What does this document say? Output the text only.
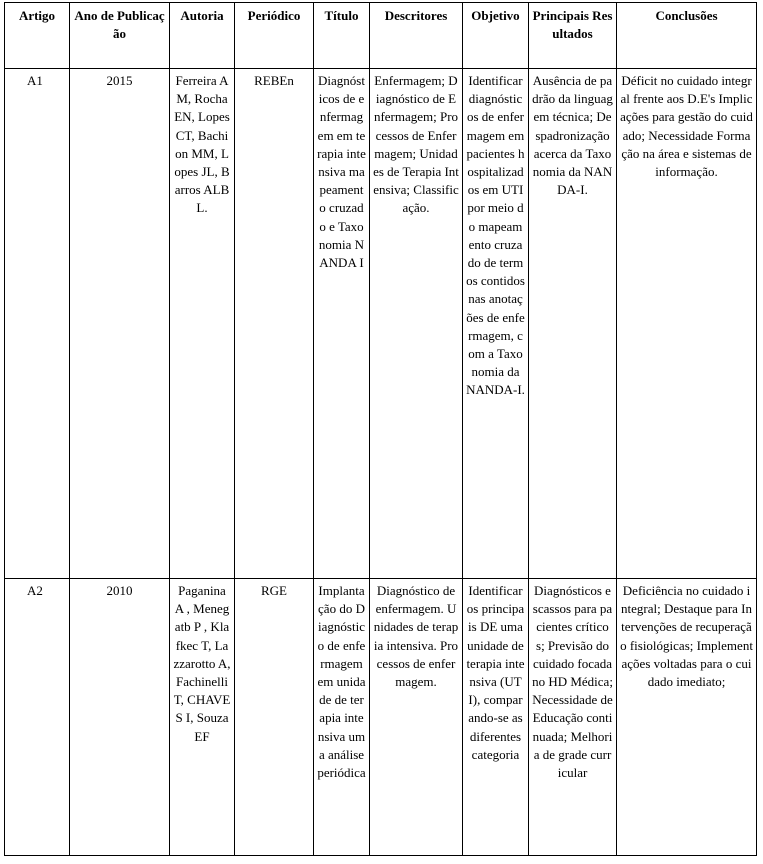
Artigo	Ano de Publicação	Autoria	Periódico	Título	Descritores	Objetivo	Principais Resultados	Conclusões
A1	2015	Ferreira AM, Rocha EN, Lopes CT, Bachion MM, Lopes JL, Barros ALBL.	REBEn	Diagnósticos de enfermagem em terapia intensiva mapeamento cruzado e Taxonomia NANDA I	Enfermagem; Diagnóstico de Enfermagem; Processos de Enfermagem; Unidades de Terapia Intensiva; Classificação.	Identificar diagnósticos de enfermagem em pacientes hospitalizados em UTI por meio do mapeamento cruzado de termos contidos nas anotações de enfermagem, com a Taxonomia da NANDA-I.	Ausência de padrão da linguagem técnica; Despadronização acerca da Taxonomia da NANDA-I.	Déficit no cuidado integral frente aos D.E's Implicações para gestão do cuidado; Necessidade Formação na área e sistemas de informação.
A2	2010	Paganina A , Menegatb P , Klafkec T, Lazzarotto A, Fachinelli T, CHAVES I, Souza EF	RGE	Implantação do Diagnóstico de enfermagem em unidade de terapia intensiva uma análise periódica	Diagnóstico de enfermagem. Unidades de terapia intensiva. Processos de enfermagem.	Identificar os principais DE uma unidade de terapia intensiva (UTI), comparando-se as diferentes categoria	Diagnósticos escassos para pacientes críticos; Previsão do cuidado focada no HD Médica; Necessidade de Educação continuada; Melhoria de grade curricular	Deficiência no cuidado integral; Destaque para Intervenções de recuperação fisiológicas; Implementações voltadas para o cuidado imediato;
